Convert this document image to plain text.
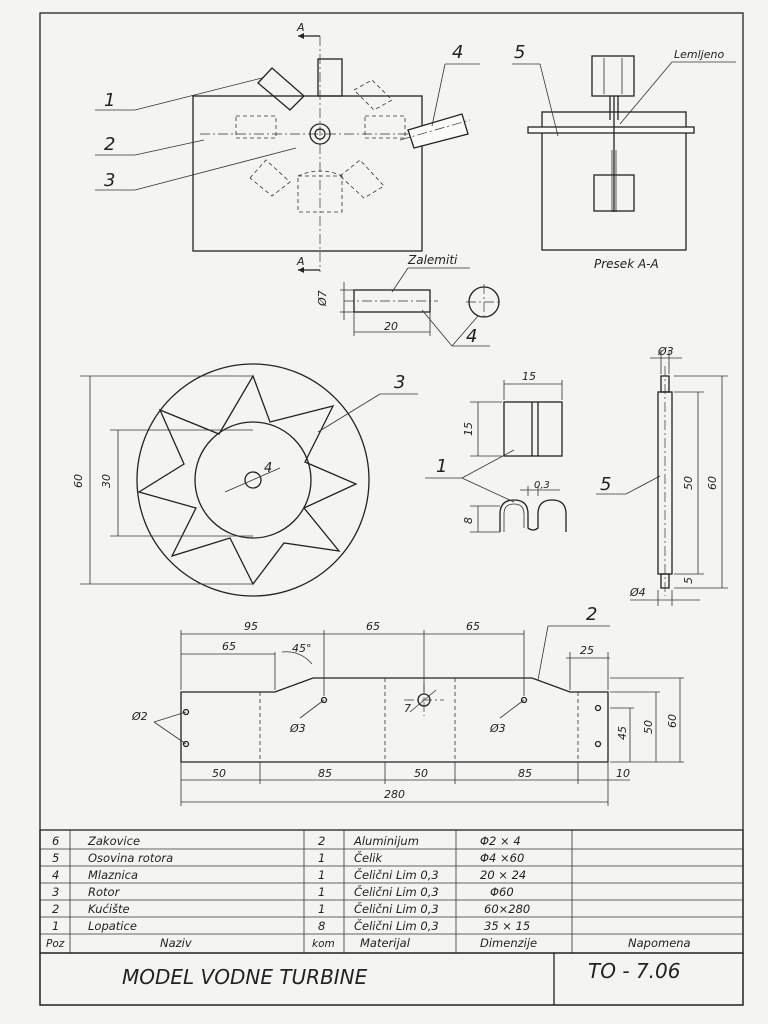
A
A
1
2
3
4	5	Lemljeno
Presek A-A
Ø7
20
Zalemiti
4
60 30
4
3	15
15
8
0,3
1
Ø3
60
50
5
Ø4
5
7
95	65	65
65	45°	25
2
Ø2
Ø3	Ø3	45 50 60
50	85	50	85	10
280
6 Zakovice	2 Aluminijum	Φ2 × 4
5 Osovina rotora	1 Čelik	Φ4 ×60
4 Mlaznica	1 Čelični Lim 0,3	20 × 24
3 Rotor	1 Čelični Lim 0,3	Φ60
2 Kućište	1 Čelični Lim 0,3	60×280
1 Lopatice	8 Čelični Lim 0,3	35 × 15
Poz	Naziv	kom Materijal	Dimenzije	Napomena
MODEL VODNE TURBINE	TO - 7.06
